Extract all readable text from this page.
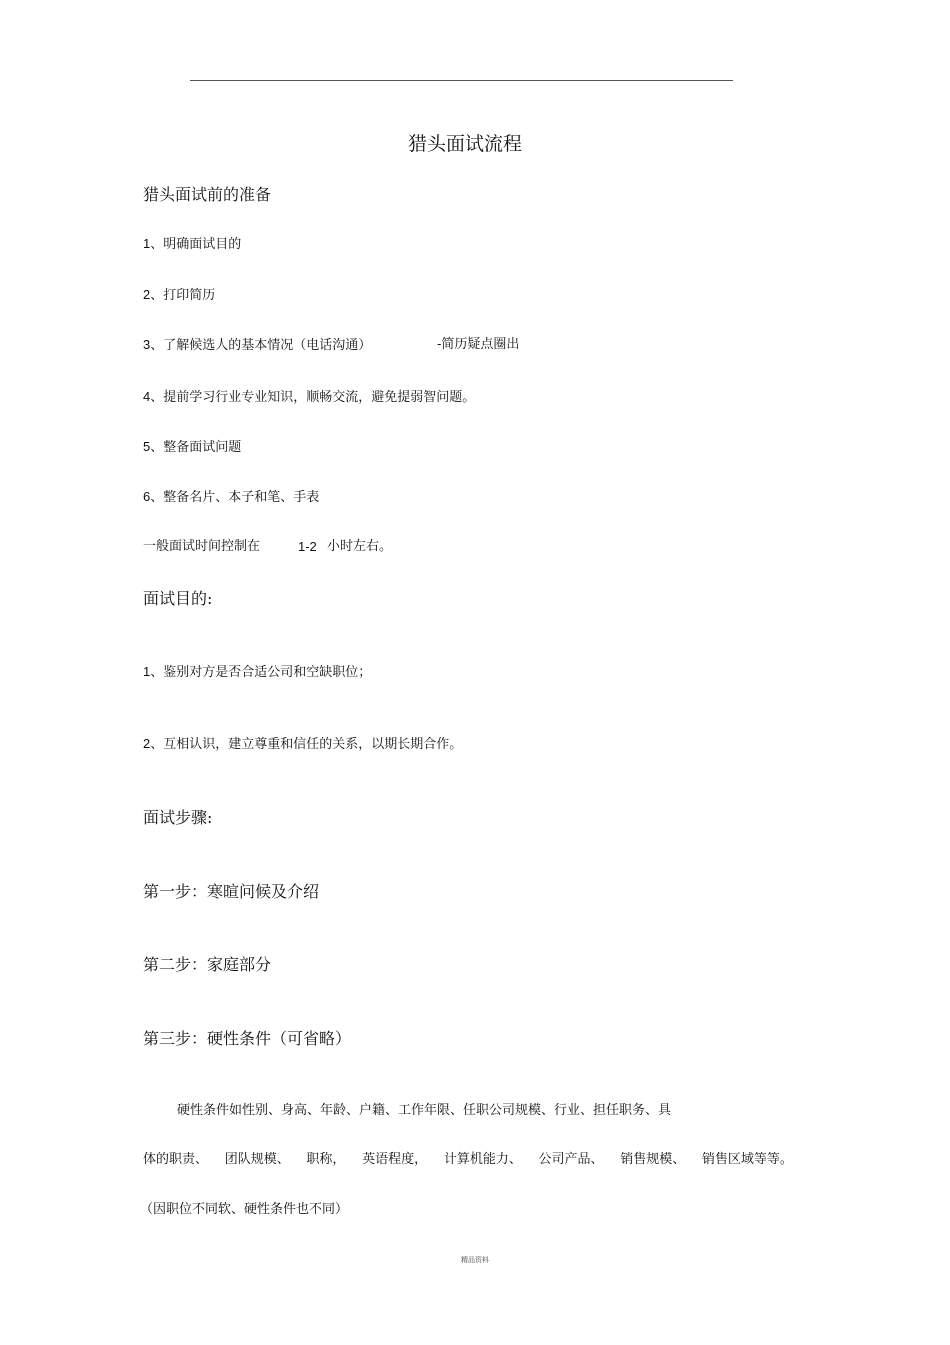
猎头面试流程
猎头面试前的准备
1、明确面试目的
2、打印简历
3、了解候选人的基本情况（电话沟通）	-简历疑点圈出
4、提前学习行业专业知识，顺畅交流，避免提弱智问题。
5、整备面试问题
6、整备名片、本子和笔、手表
一般面试时间控制在	1-2 小时左右。
面试目的:
1、鉴别对方是否合适公司和空缺职位；
2、互相认识，建立尊重和信任的关系，以期长期合作。
面试步骤:
第一步：寒暄问候及介绍
第二步：家庭部分
第三步：硬性条件（可省略）
硬性条件如性别、身高、年龄、户籍、工作年限、任职公司规模、行业、担任职务、具
体的职责、 团队规模、 职称， 英语程度， 计算机能力、 公司产品、 销售规模、 销售区域等等。
（因职位不同软、硬性条件也不同）
精品资料
